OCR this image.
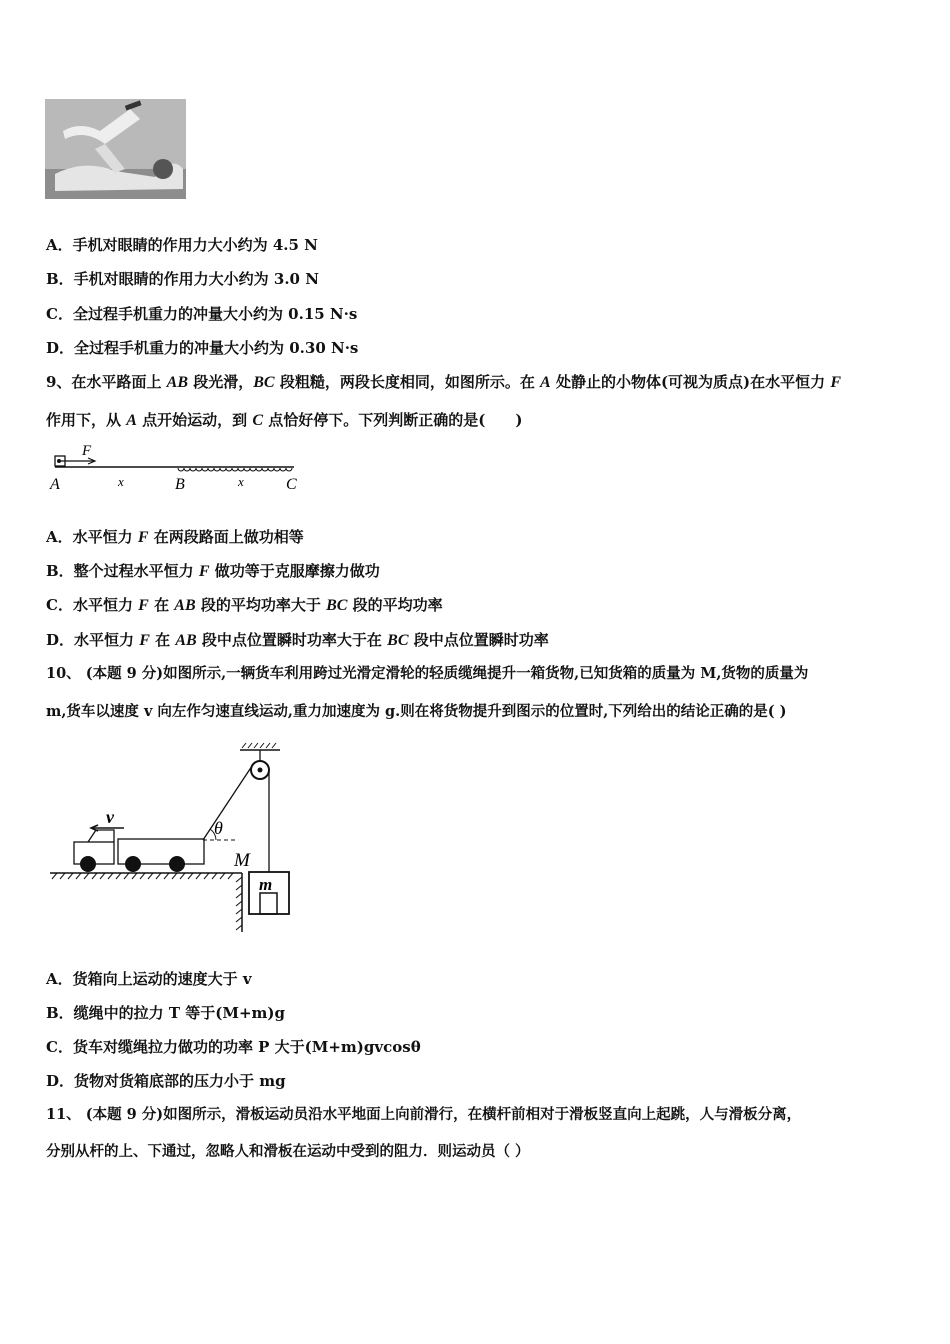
A．手机对眼睛的作用力大小约为 4.5 N
B．手机对眼睛的作用力大小约为 3.0 N
C．全过程手机重力的冲量大小约为 0.15 N·s
D．全过程手机重力的冲量大小约为 0.30 N·s
9、在水平路面上 AB 段光滑，BC 段粗糙，两段长度相同，如图所示。在 A 处静止的小物体(可视为质点)在水平恒力 F
作用下，从 A 点开始运动，到 C 点恰好停下。下列判断正确的是(　　)
F
A	x	B	x	C
A．水平恒力 F 在两段路面上做功相等
B．整个过程水平恒力 F 做功等于克服摩擦力做功
C．水平恒力 F 在 AB 段的平均功率大于 BC 段的平均功率
D．水平恒力 F 在 AB 段中点位置瞬时功率大于在 BC 段中点位置瞬时功率
10、 (本题 9 分)如图所示,一辆货车利用跨过光滑定滑轮的轻质缆绳提升一箱货物,已知货箱的质量为 M,货物的质量为
m,货车以速度 v 向左作匀速直线运动,重力加速度为 g.则在将货物提升到图示的位置时,下列给出的结论正确的是( )
θ
v
M
m
A．货箱向上运动的速度大于 v
B．缆绳中的拉力 T 等于(M+m)g
C．货车对缆绳拉力做功的功率 P 大于(M+m)gvcosθ
D．货物对货箱底部的压力小于 mg
11、 (本题 9 分)如图所示，滑板运动员沿水平地面上向前滑行，在横杆前相对于滑板竖直向上起跳，人与滑板分离，
分别从杆的上、下通过，忽略人和滑板在运动中受到的阻力．则运动员（ ）
